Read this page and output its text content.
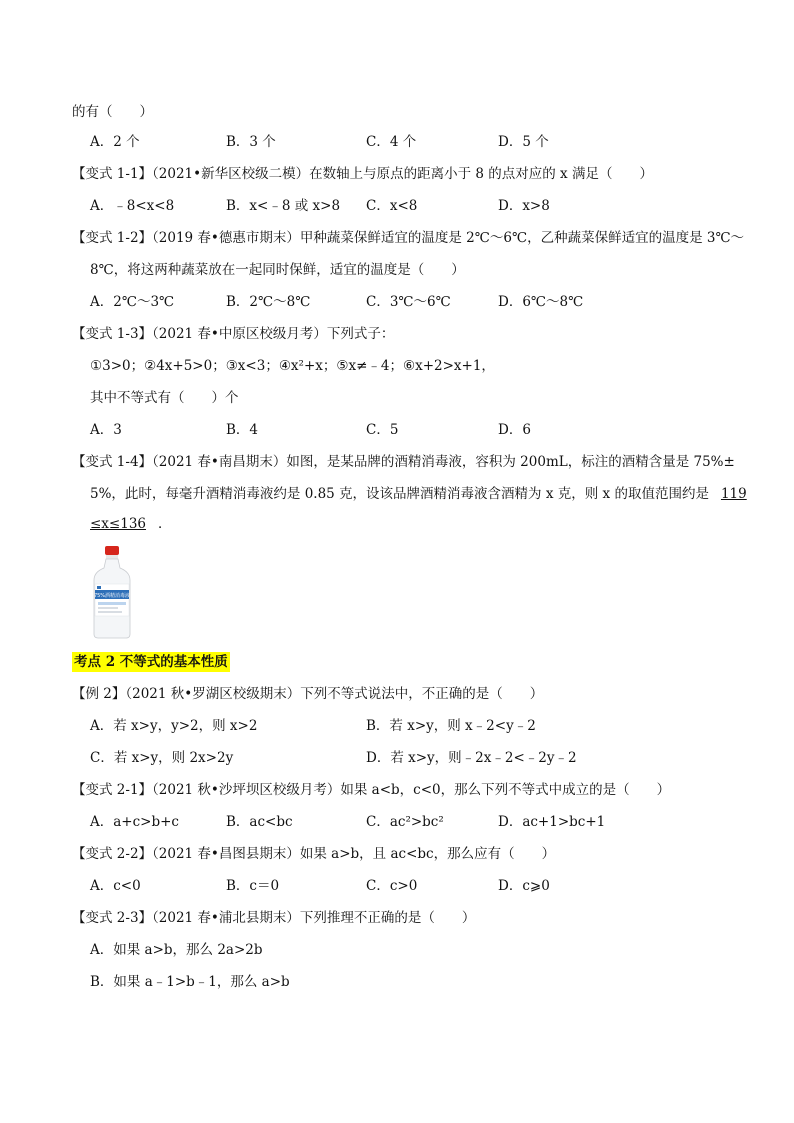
的有（　　）
A．2 个	B．3 个	C．4 个	D．5 个
【变式 1-1】（2021•新华区校级二模）在数轴上与原点的距离小于 8 的点对应的 x 满足（　　）
A．﹣8<x<8	B．x<﹣8 或 x>8 C．x<8	D．x>8
【变式 1-2】（2019 春•德惠市期末）甲种蔬菜保鲜适宜的温度是 2℃～6℃，乙种蔬菜保鲜适宜的温度是 3℃～
8℃，将这两种蔬菜放在一起同时保鲜，适宜的温度是（　　）
A．2℃～3℃	B．2℃～8℃	C．3℃～6℃	D．6℃～8℃
【变式 1-3】（2021 春•中原区校级月考）下列式子：
①3>0；②4x+5>0；③x<3；④x²+x；⑤x≠﹣4；⑥x+2>x+1，
其中不等式有（　　）个
A．3	B．4	C．5	D．6
【变式 1-4】（2021 春•南昌期末）如图，是某品牌的酒精消毒液，容积为 200mL，标注的酒精含量是 75%±
5%，此时，每毫升酒精消毒液约是 0.85 克，设该品牌酒精消毒液含酒精为 x 克，则 x 的取值范围约是 119
≤x≤136 ．
75%酒精消毒液
考点 2 不等式的基本性质
【例 2】（2021 秋•罗湖区校级期末）下列不等式说法中，不正确的是（　　）
A．若 x>y，y>2，则 x>2	B．若 x>y，则 x﹣2<y﹣2
C．若 x>y，则 2x>2y	D．若 x>y，则﹣2x﹣2<﹣2y﹣2
【变式 2-1】（2021 秋•沙坪坝区校级月考）如果 a<b，c<0，那么下列不等式中成立的是（　　）
A．a+c>b+c	B．ac<bc	C．ac²>bc²	D．ac+1>bc+1
【变式 2-2】（2021 春•昌图县期末）如果 a>b，且 ac<bc，那么应有（　　）
A．c<0	B．c＝0	C．c>0	D．c⩾0
【变式 2-3】（2021 春•浦北县期末）下列推理不正确的是（　　）
A．如果 a>b，那么 2a>2b
B．如果 a﹣1>b﹣1，那么 a>b
